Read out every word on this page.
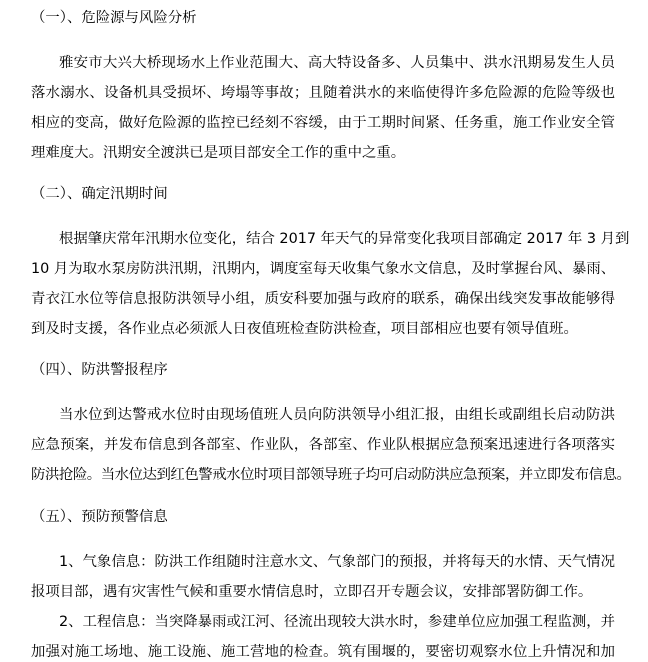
（一）、危险源与风险分析
雅安市大兴大桥现场水上作业范围大、高大特设备多、人员集中、洪水汛期易发生人员
落水溺水、设备机具受损坏、垮塌等事故；且随着洪水的来临使得许多危险源的危险等级也
相应的变高，做好危险源的监控已经刻不容缓，由于工期时间紧、任务重，施工作业安全管
理难度大。汛期安全渡洪已是项目部安全工作的重中之重。
（二）、确定汛期时间
根据肇庆常年汛期水位变化，结合 2017 年天气的异常变化我项目部确定 2017 年 3 月到
10 月为取水泵房防洪汛期，汛期内，调度室每天收集气象水文信息，及时掌握台风、暴雨、
青衣江水位等信息报防洪领导小组，质安科要加强与政府的联系，确保出线突发事故能够得
到及时支援，各作业点必须派人日夜值班检查防洪检查，项目部相应也要有领导值班。
（四）、防洪警报程序
当水位到达警戒水位时由现场值班人员向防洪领导小组汇报，由组长或副组长启动防洪
应急预案，并发布信息到各部室、作业队，各部室、作业队根据应急预案迅速进行各项落实
防洪抢险。当水位达到红色警戒水位时项目部领导班子均可启动防洪应急预案，并立即发布信息。
（五）、预防预警信息
1、气象信息：防洪工作组随时注意水文、气象部门的预报，并将每天的水情、天气情况
报项目部，遇有灾害性气候和重要水情信息时，立即召开专题会议，安排部署防御工作。
2、工程信息：当突降暴雨或江河、径流出现较大洪水时，参建单位应加强工程监测，并
加强对施工场地、施工设施、施工营地的检查。筑有围堰的，要密切观察水位上升情况和加
